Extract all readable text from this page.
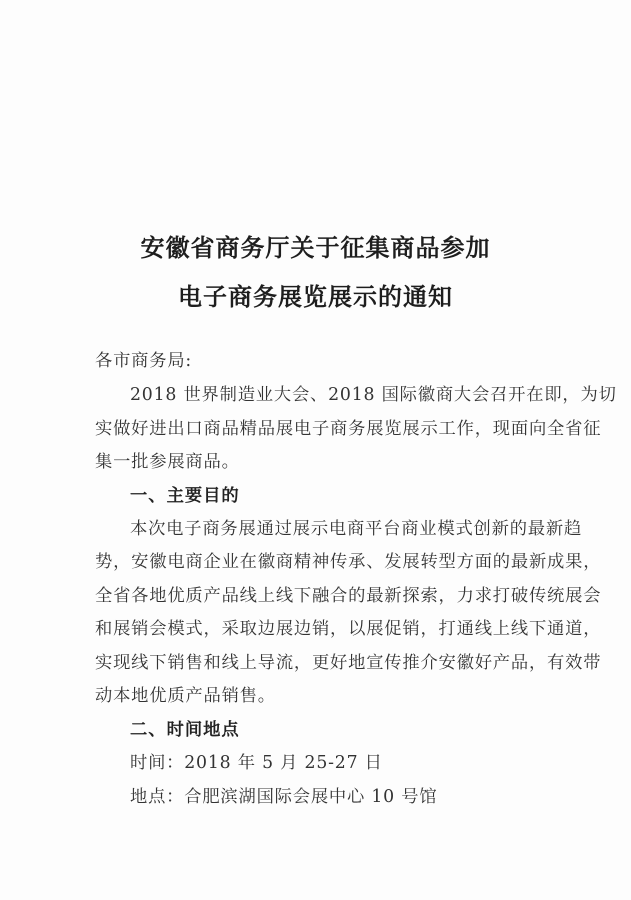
安徽省商务厅关于征集商品参加
电子商务展览展示的通知
各市商务局:
2018 世界制造业大会、2018 国际徽商大会召开在即，为切
实做好进出口商品精品展电子商务展览展示工作，现面向全省征
集一批参展商品。
一、主要目的
本次电子商务展通过展示电商平台商业模式创新的最新趋
势，安徽电商企业在徽商精神传承、发展转型方面的最新成果，
全省各地优质产品线上线下融合的最新探索，力求打破传统展会
和展销会模式，采取边展边销，以展促销，打通线上线下通道，
实现线下销售和线上导流，更好地宣传推介安徽好产品，有效带
动本地优质产品销售。
二、时间地点
时间：2018 年 5 月 25-27 日
地点：合肥滨湖国际会展中心 10 号馆
